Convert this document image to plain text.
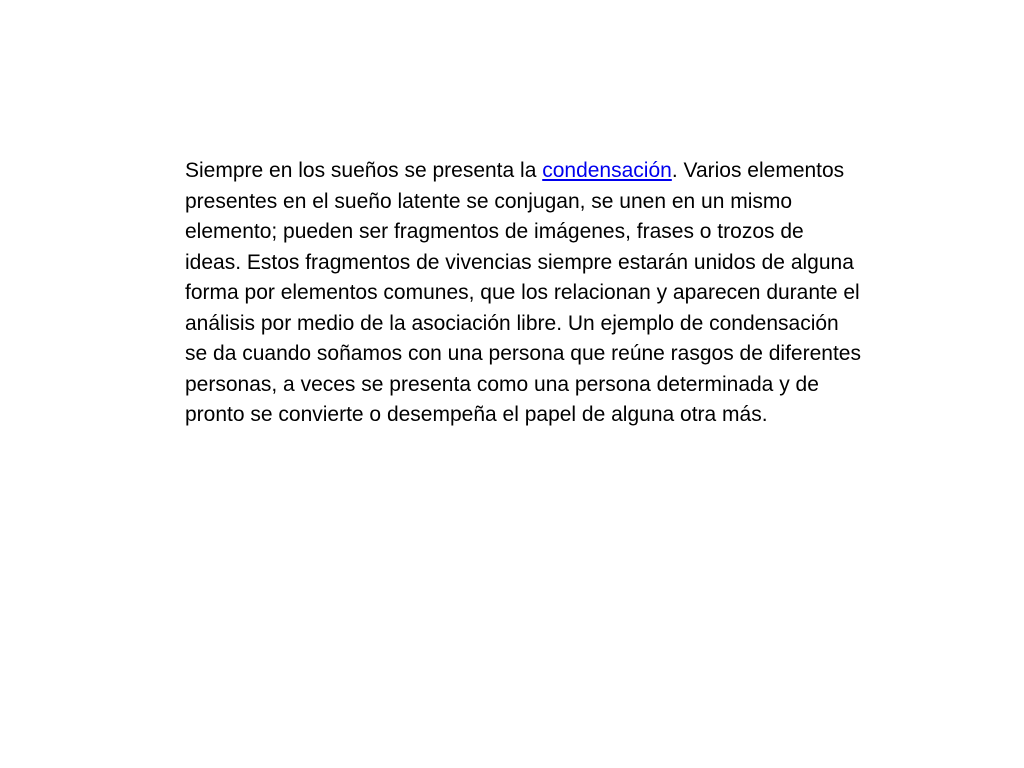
Siempre en los sueños se presenta la condensación. Varios elementos presentes en el sueño latente se conjugan, se unen en un mismo elemento; pueden ser fragmentos de imágenes, frases o trozos de ideas. Estos fragmentos de vivencias siempre estarán unidos de alguna forma por elementos comunes, que los relacionan y aparecen durante el análisis por medio de la asociación libre. Un ejemplo de condensación se da cuando soñamos con una persona que reúne rasgos de diferentes personas, a veces se presenta como una persona determinada y de pronto se convierte o desempeña el papel de alguna otra más.
